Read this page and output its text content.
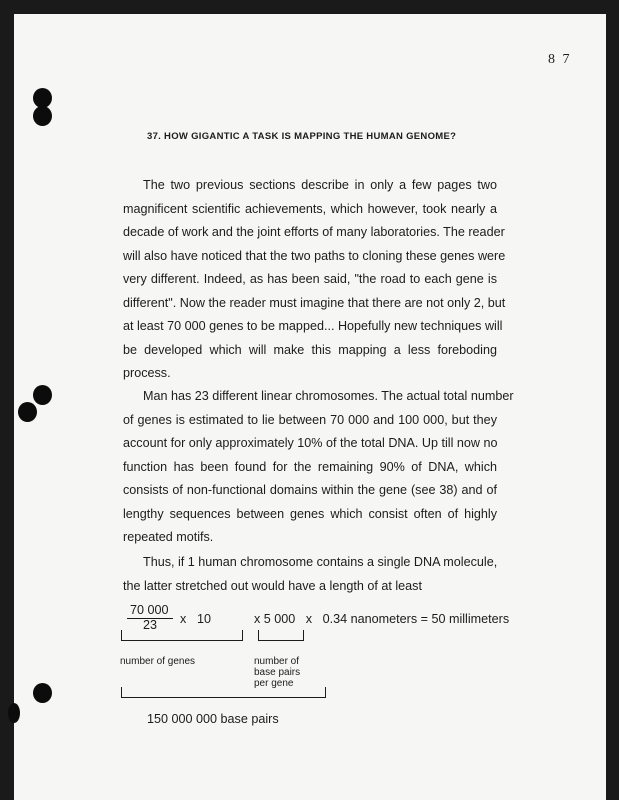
8 7
37. HOW GIGANTIC A TASK IS MAPPING THE HUMAN GENOME?
The two previous sections describe in only a few pages two
magnificent scientific achievements, which however, took nearly a
decade of work and the joint efforts of many laboratories. The reader
will also have noticed that the two paths to cloning these genes were
very different. Indeed, as has been said, "the road to each gene is
different". Now the reader must imagine that there are not only 2, but
at least 70 000 genes to be mapped... Hopefully new techniques will
be developed which will make this mapping a less foreboding
process.
Man has 23 different linear chromosomes. The actual total number
of genes is estimated to lie between 70 000 and 100 000, but they
account for only approximately 10% of the total DNA. Up till now no
function has been found for the remaining 90% of DNA, which
consists of non-functional domains within the gene (see 38) and of
lengthy sequences between genes which consist often of highly
repeated motifs.
Thus, if 1 human chromosome contains a single DNA molecule,
the latter stretched out would have a length of at least
70 000
23 x 10	x 5 000   x   0.34 nanometers = 50 millimeters
number of genes	number of
base pairs
per gene
150 000 000 base pairs
